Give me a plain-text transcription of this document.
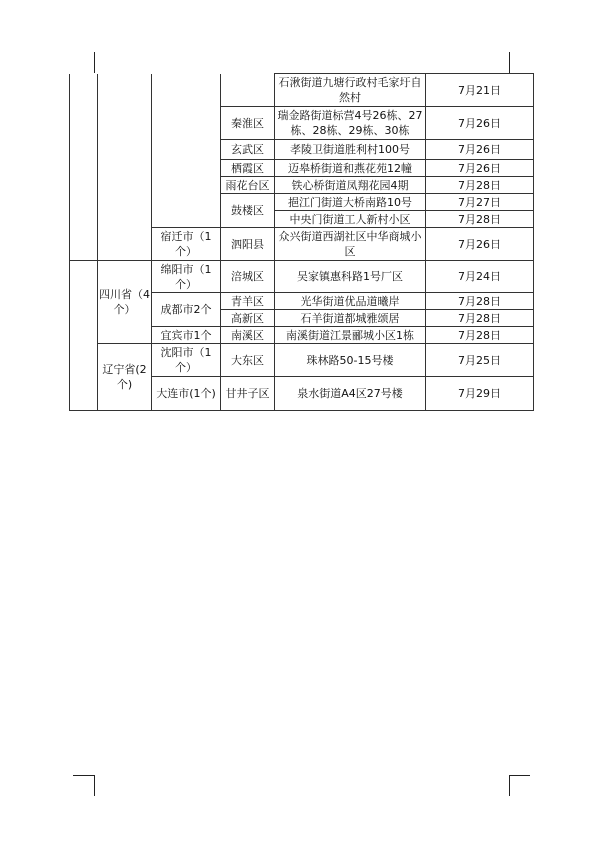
				石湫街道九塘行政村毛家圩自然村	7月21日
			秦淮区	瑞金路街道标营4号26栋、27栋、28栋、29栋、30栋	7月26日
			玄武区	孝陵卫街道胜利村100号	7月26日
			栖霞区	迈皋桥街道和燕花苑12幢	7月26日
			雨花台区	铁心桥街道凤翔花园4期	7月28日
			鼓楼区	挹江门街道大桥南路10号	7月27日
				中央门街道工人新村小区	7月28日
		宿迁市（1个）	泗阳县	众兴街道西湖社区中华商城小区	7月26日
	四川省（4个）	绵阳市（1个）	涪城区	吴家镇惠科路1号厂区	7月24日
		成都市2个	青羊区	光华街道优品道曦岸	7月28日
			高新区	石羊街道都城雅颂居	7月28日
		宜宾市1个	南溪区	南溪街道江景郦城小区1栋	7月28日
	辽宁省(2个)	沈阳市（1个）	大东区	珠林路50-15号楼	7月25日
		大连市(1个)	甘井子区	泉水街道A4区27号楼	7月29日
